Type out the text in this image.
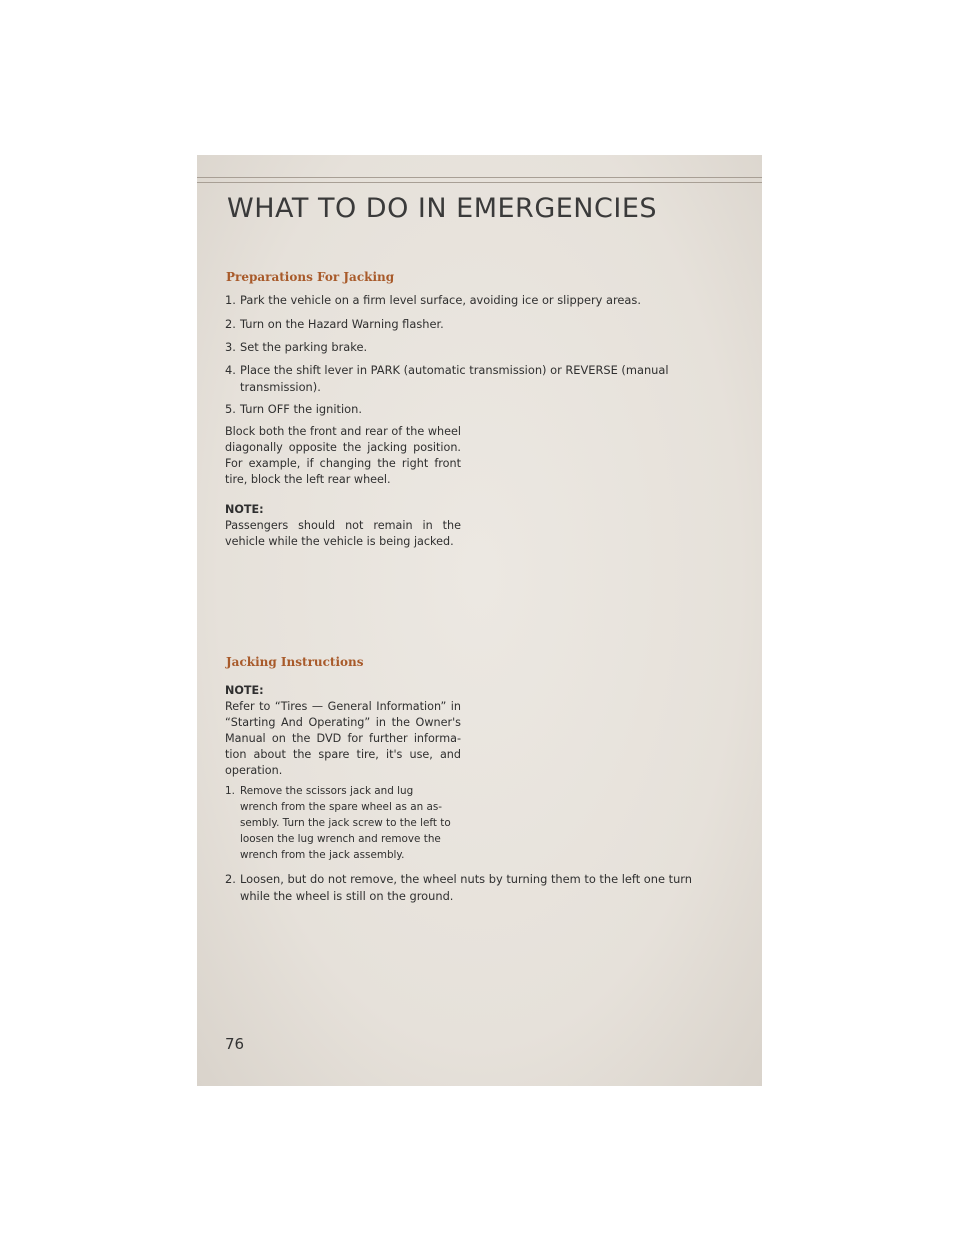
WHAT TO DO IN EMERGENCIES
Preparations For Jacking
1. Park the vehicle on a firm level surface, avoiding ice or slippery areas.
2. Turn on the Hazard Warning flasher.
3. Set the parking brake.
4. Place the shift lever in PARK (automatic transmission) or REVERSE (manual
transmission).
5. Turn OFF the ignition.

Block both the front and rear of the wheel diagonally opposite the jacking position. For example, if changing the right front tire, block the left rear wheel.

NOTE:
Passengers should not remain in the vehicle while the vehicle is being jacked.
Jacking Instructions
NOTE:
Refer to “Tires — General Information” in “Starting And Operating” in the Owner's Manual on the DVD for further informa-tion about the spare tire, it's use, and operation.
1. Remove the scissors jack and lug
wrench from the spare wheel as an as-sembly. Turn the jack screw to the left to loosen the lug wrench and remove the wrench from the jack assembly.
2. Loosen, but do not remove, the wheel nuts by turning them to the left one turn
while the wheel is still on the ground.

76
